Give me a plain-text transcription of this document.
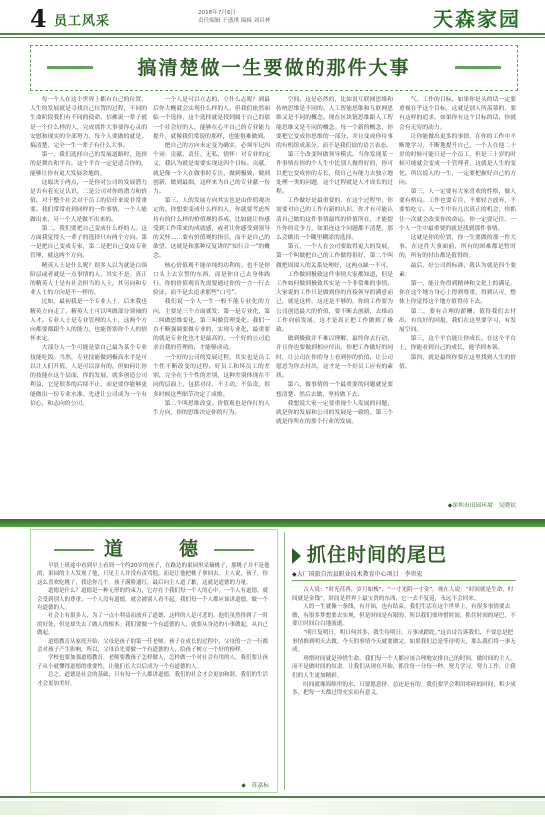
4 员工风采
2018年7月6日
责任编辑 于盛琪 编辑 刘昌林	天森家园
搞清楚做一生要做的那件大事

每一个人在这个世界上都有自己的位置，人生的发展就是寻找自己位置的过程，不同的生命阶段我们有不同的使命。信佛说一辈子就是一个什么样的人，完成那件大事要你心灵的安慰和现实的全部努力，每个人要做的就是，搞清楚，完全一生一辈子有什么大事。

第一，我们选择自己的发展道路时，选择的是舞台和平台。这个平台一定是适合你的。能够让你有更大发展余地的。

这取决于两点，一是你对公司的发展潜力是否有着充足认识，二是公司对你的潜力和价值，对于整个社会对于员工的信任来说非常重要。我们常常看到同样的一件事情，一个人能做出来，另一个人是做不出来的。

第二，我们要把自己变成什么样的人。这方面我觉得人一辈子的选择只有两个方向。第一是把自己变成专家，第二是把自己变成专业管理，就这两个方向。

精英人士是什么呢？很多人以为就是白领阶层或者就是一点事情的人，其实不是。真正的精英人士是有社会担当的人士，其另向和专业人士的方向是不一样的。

比如，最初我是一个专业人士，后来我也精英方向走了。精英人士可以叫做部分领袖的人才。专业人士是专业管理的人士，这两个方向都要都跟个人的能力、也能帮别你个人的情怀来定。

大部分人一生可能是靠自己最为某个专业技能吃饭。当然，专业技能做到极高水平是可以让人们升值，人是可以富有的，但如何让你的技能在这个层面，你的发展，就多创造公司利益，它是很多的后续不止，而是要你能够更能做出一份专业水准。先进让公司成为一个有信心，和志向的公司。

一个人是可以立志的，立什么志呢？到最后你大概就会实现什么样的人。但我们依然面临一个选择，这个选择就是找到属于自己的那一个社会好的人。能够在心平自己的专业能力提升，就像我们常说的那样，也能很难做到。

把自己的方向未定变为确实，必须牢记四个词：贡献、责任、无私、情怀：对专业的定义，我认为就是需要实现这四个目标。贡献，就是像一个人在做事时专注，做到极致，做到创新，做到最细，这样来为自己的专业献一份力。

第三，人的发展方向其实也是由价值观决定的。你想要变成什么样的人，你就要考虑所持有的什么样的价值观的养成。比如能让你感受到工作带来的成就感，或者让你感受到领导的关怀……要有价值观的指引，而不是自己的欲望。这就是和那种反复讲的“知行合一”的概念。

核心价值观不能单纯的功利的。也不是你口头上去宣誓的东西，而是你自己去身体践行。你的价值观首先需要通过你的一言一行去验证，而不是去追求那些“口号”。

我们说一个人一生一般不能专业化的方向，主要是三个方面就发：第一是专业化，第二叫做思维变化，第三叫做管理变化。我们一直不断强调要做专业的，实现专业化，最重要的就是专业化也才是最高的，一个好的公司追求自我的管理的，才能够成功。

一个好的公司的发展过程，其实也是员工个性不断改变的过程。好员工和坏员工的差别，完全在于个性的差别，这种差别体现在不同的层面上，包括对待、不主动、不负责，很多时候这些细节决定了成败。

第二个叫思维改变。价值观也是你打的人生方向，你的思维决定你的行为。

空间。这是必然的，比如说互联网思维和传统思维是不同的。人工智能思维和互联网思维又是不同的概念。现在区块链思维跟人工智能思维又是不同的概念。每一个新的概念，你要把它变成你思维的一部分，并且变成你待事的有机组成部分。而不是我们说的语言表态。

第三个改变叫做领导模式。当你发现某一件事情在你的个人生中比别人做得好的，你可以把它变成你的专长，使自己有能力去独立地处理一类的问题，这个过程就是人才成长的过程。

工作做好是最重要的，在这个过程里，你需要对自己的工作有新的认识，你才有可能认清自己做的这件事情最终的价值所在，才能提升你的竞争力，如果连这个问题都不清楚，那么会做出一个糊里糊涂的选择。

第五，一个人在公司要取得更大的发展，第一个叫做把自己的工作做得很好，第二个叫做把周围人的关系处理好，这两点缺一不可。

工作做到极致这件事情大家都知道，但是工作如何做到极致其实是一个非常难的事情。大家说的工作只是做到你的直接领导的满意而已，就是这样，这还是不够的，你的工作要为公司创造最大的价值，要不断去创新，去推动工作向前发展，这才是真正把工作做到了极致。

做到极致并不难以理解，最终你去行动，并且你也要做到相应付出，你把工作做好的同时，让公司在你的身上看到你的价值，让公司愿意为你去付出，这才是一个好员工应有的素质。

第六，做事情的一个最重要的问题就是要想清楚，然后去做，坚持做下去。

我想说大家一定要重视个人发展的问题，就是你的发展和公司的发展是一致的。第三个就是你所在的那个行业的发展。

气。工作的目标，如果你是头的话一定要重视在乎这个目标，这就是别人所羡慕的，要有这样的追求。如果你有这个目标的话，你就会有无穷的动力。

让你能做出更多的事情，在你的工作中不断地学习，不断地提升自己，一个人在他二十岁的时候可能只是一个员工，但是三十岁的时候可能就会变成一个管理者，这就是人生的变化。所以说人的一生，一定要把握好自己的方向。

第三，人一定要有大家喜欢的性格，做人要有格局。工作也要专注，不要轻言放弃，不要怕吃亏。人一生中有几次真正的机会，你抓住一次就会改变你的命运。你一定要记住，一个人一生中最重要的就是找到那件事情。

这就是你的位置，你一生要做的那一件大事。在这件大事面前，所有的困难都是暂时的，所有的付出都是值得的。

最后，好公司的标准，我认为就是四个要素：

第一，能让你得到精神和文化上的满足。你在这个地方身心上得到尊重，得到认可，整体上你觉得这个地方值得待下去。

第二，要有合理的薪酬。值得我们去付出，有良好的回报，我们在这里要学习，有发展空间。

第三，这个平台能让你成长。在这个平台上，你能看到自己的成长，能学到本领。

第四，就是最终你要在这里找到人生的价值。

◆深圳市田园环境　吴晓钦
道　　德

早晨上班途中看到早上看到一个约20岁的孩子，在路边的果园里采摘桃子，那桃子并不是他的，果园的主人发现了他，只见主人并没有责骂他，而是让他把桃子拿回去。主人说，孩子，你这么喜欢吃桃子，我送你几个。孩子满脸通红，最后向主人道了歉，这就是道德的力量。

道德是什么？道德是一种无形的约束力，它存在于我们每一个人的心中。一个人有道德，就会受到别人的尊重；一个人没有道德，就会被别人看不起。我们每一个人都应该讲道德，做一个有道德的人。

社会上有很多人，为了一点小利益而放弃了道德，这样的人是可悲的。他们虽然得到了一时的好处，但是却失去了做人的根本。我们要做一个有道德的人，就要从身边的小事做起，从自己做起。

道德教育从家庭开始，父母是孩子的第一任老师。孩子在成长的过程中，父母的一言一行都会对孩子产生影响。所以，父母首先要做一个有道德的人，给孩子树立一个好的榜样。

学校也要加强道德教育，老师要教孩子怎样做人，怎样做一个对社会有用的人。我们要让孩子从小就懂得道德的重要性，让他们长大以后成为一个有道德的人。

总之，道德是社会的基础，只有每一个人都讲道德，我们的社会才会更加和谐，我们的生活才会更加美好。

◆　苏嘉标
抓住时间的尾巴
◆大厂国旅自治县职业技术教育中心项目　李世宏

古人说：“时光荏苒，岁月如梭”，“一寸光阴一寸金”。现在人说：“时间就是生命，时间就是金钱”。时间是世界上最宝贵的东西，它一去不复返，永远不会回来。

人的一生就像一条线，有开始，也有结束。我们生活在这个世界上，有很多事情要去做，有很多梦想要去实现，但是时间是有限的。所以我们要珍惜时间，抓住时间的尾巴，不要让时间白白地流逝。

“明日复明日，明日何其多，我生待明日，万事成蹉跎。”这首诗告诉我们，不要总是把事情推到明天去做，今天的事情今天就要做完。如果我们总是等待明天，那么我们将一事无成。

珍惜时间就是珍惜生命。我们每一个人都应该合理地安排自己的时间，做时间的主人，而不是做时间的奴隶。让我们从现在开始，抓住每一分每一秒，努力学习，努力工作，让我们的人生更加精彩。

时间就像海绵里的水，只要愿意挤，总还是有的。我们要学会利用零碎的时间，积少成多，把每一天都过得充实而有意义。
